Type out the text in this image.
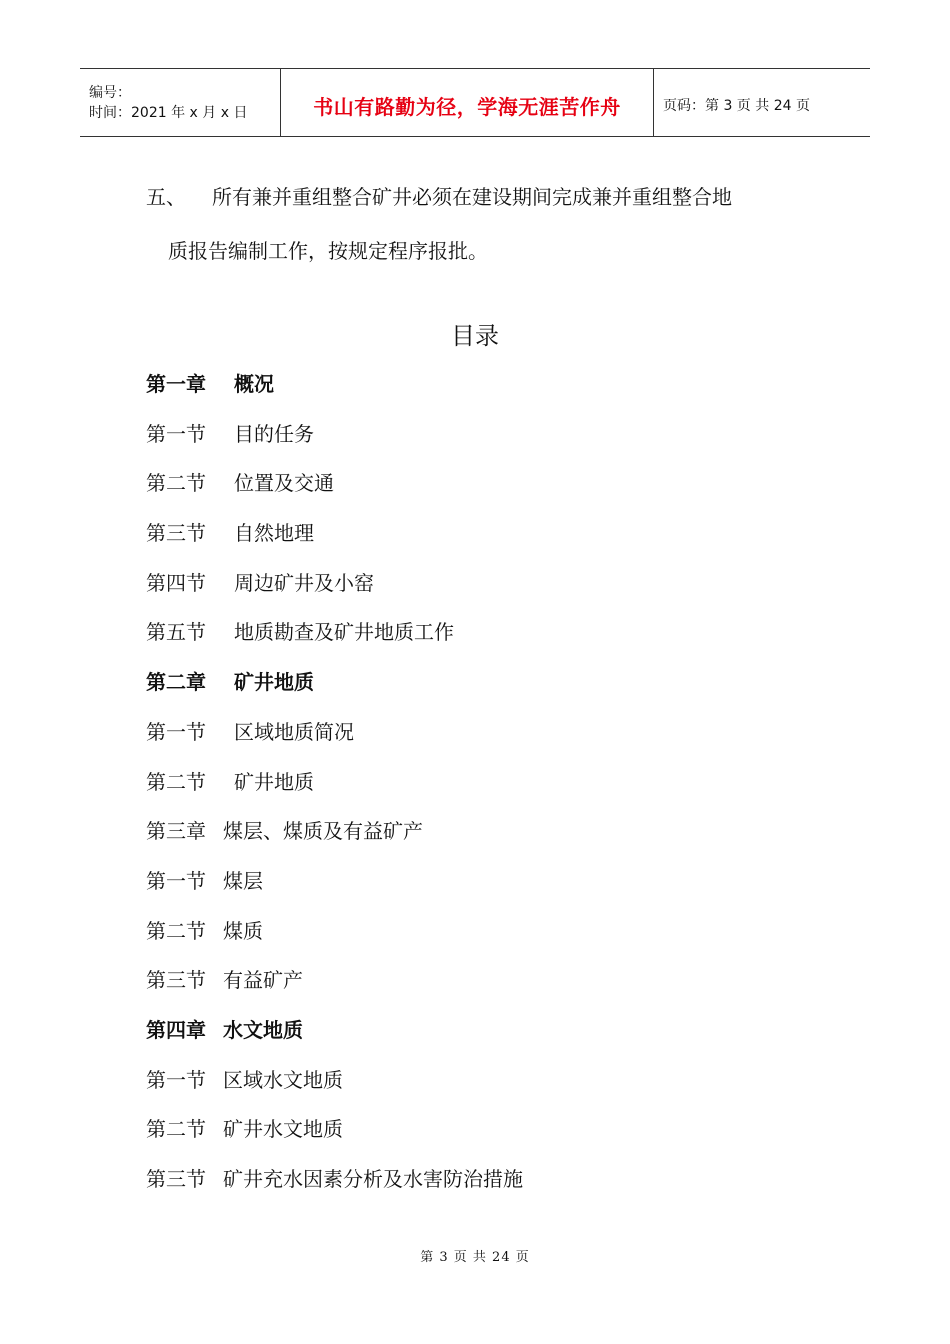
编号：
时间：2021 年 x 月 x 日	书山有路勤为径，学海无涯苦作舟	页码：第 3 页 共 24 页
五、 所有兼并重组整合矿井必须在建设期间完成兼并重组整合地
质报告编制工作，按规定程序报批。
目录
第一章 概况
第一节 目的任务
第二节 位置及交通
第三节 自然地理
第四节 周边矿井及小窑
第五节 地质勘查及矿井地质工作
第二章 矿井地质
第一节 区域地质简况
第二节 矿井地质
第三章 煤层、煤质及有益矿产
第一节 煤层
第二节 煤质
第三节 有益矿产
第四章 水文地质
第一节 区域水文地质
第二节 矿井水文地质
第三节 矿井充水因素分析及水害防治措施
第 3 页 共 24 页
